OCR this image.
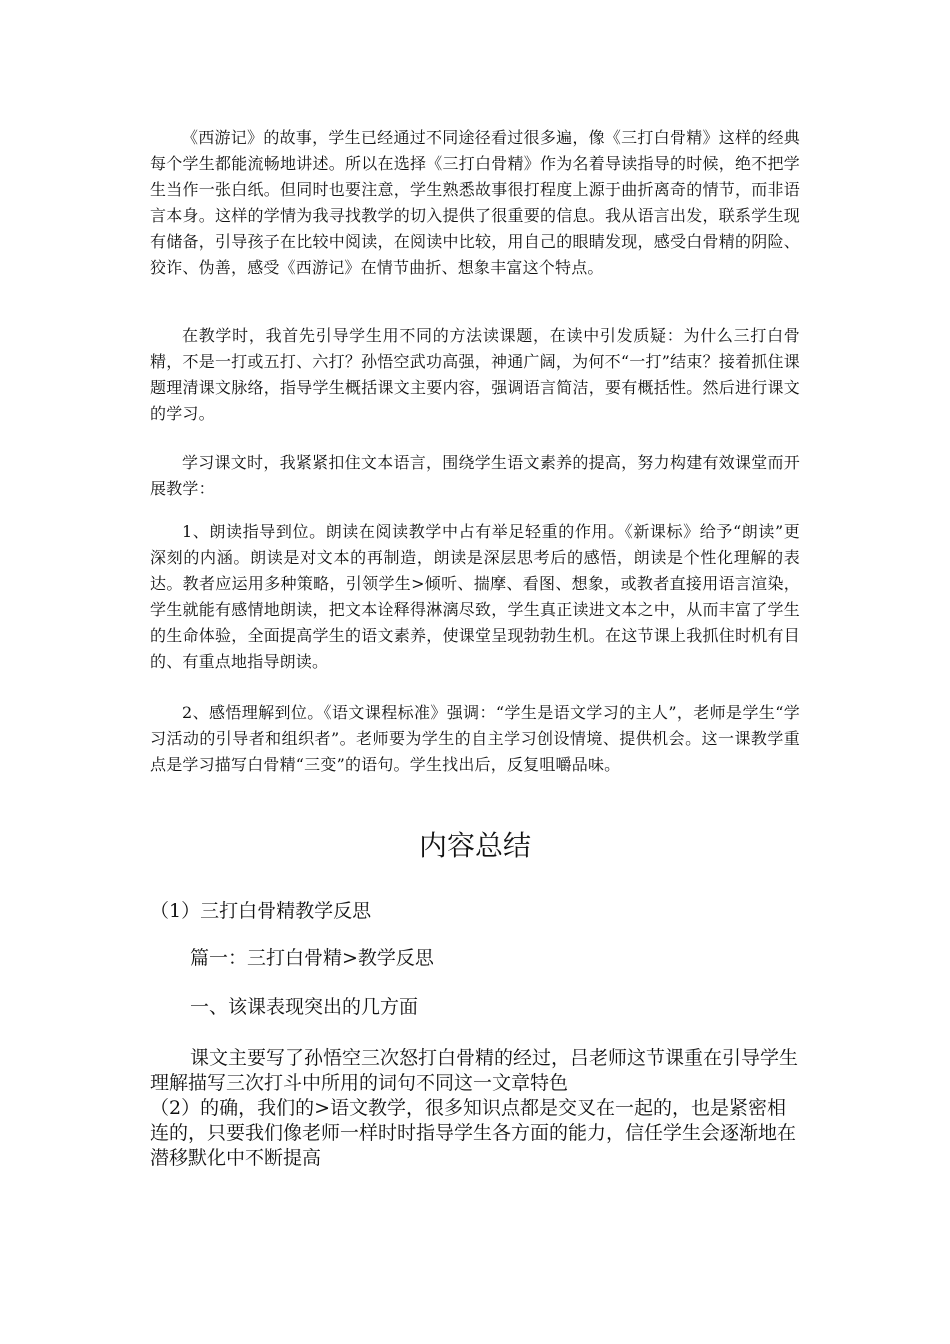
《西游记》的故事，学生已经通过不同途径看过很多遍，像《三打白骨精》这样的经典每个学生都能流畅地讲述。所以在选择《三打白骨精》作为名着导读指导的时候，绝不把学生当作一张白纸。但同时也要注意，学生熟悉故事很打程度上源于曲折离奇的情节，而非语言本身。这样的学情为我寻找教学的切入提供了很重要的信息。我从语言出发，联系学生现有储备，引导孩子在比较中阅读，在阅读中比较，用自己的眼睛发现，感受白骨精的阴险、狡诈、伪善，感受《西游记》在情节曲折、想象丰富这个特点。

在教学时，我首先引导学生用不同的方法读课题，在读中引发质疑：为什么三打白骨精，不是一打或五打、六打？孙悟空武功高强，神通广阔，为何不“一打”结束？接着抓住课题理清课文脉络，指导学生概括课文主要内容，强调语言简洁，要有概括性。然后进行课文的学习。

学习课文时，我紧紧扣住文本语言，围绕学生语文素养的提高，努力构建有效课堂而开展教学：

1、朗读指导到位。朗读在阅读教学中占有举足轻重的作用。《新课标》给予“朗读”更深刻的内涵。朗读是对文本的再制造，朗读是深层思考后的感悟，朗读是个性化理解的表达。教者应运用多种策略，引领学生>倾听、揣摩、看图、想象，或教者直接用语言渲染，学生就能有感情地朗读，把文本诠释得淋漓尽致，学生真正读进文本之中，从而丰富了学生的生命体验，全面提高学生的语文素养，使课堂呈现勃勃生机。在这节课上我抓住时机有目的、有重点地指导朗读。

2、感悟理解到位。《语文课程标准》强调：“学生是语文学习的主人”，老师是学生“学习活动的引导者和组织者”。老师要为学生的自主学习创设情境、提供机会。这一课教学重点是学习描写白骨精“三变”的语句。学生找出后，反复咀嚼品味。

内容总结

（1）三打白骨精教学反思

篇一：三打白骨精>教学反思

一、该课表现突出的几方面

课文主要写了孙悟空三次怒打白骨精的经过，吕老师这节课重在引导学生理解描写三次打斗中所用的词句不同这一文章特色

（2）的确，我们的>语文教学，很多知识点都是交叉在一起的，也是紧密相连的，只要我们像老师一样时时指导学生各方面的能力，信任学生会逐渐地在潜移默化中不断提高
